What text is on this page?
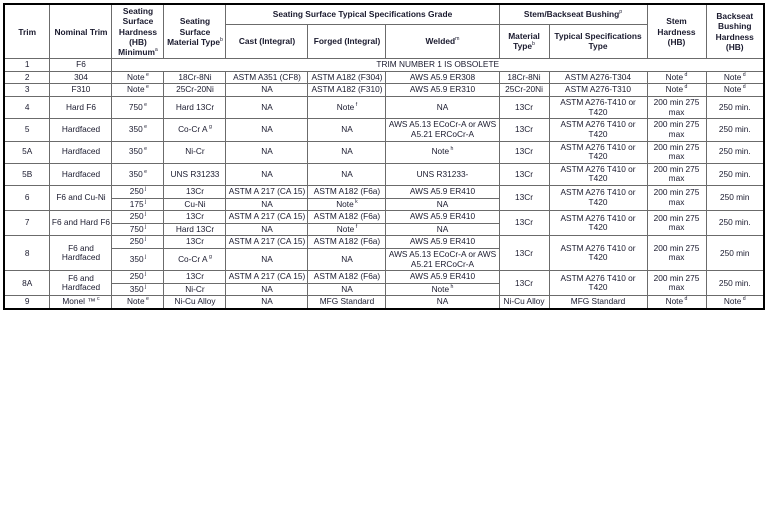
Trim	Nominal Trim	Seating Surface Hardness (HB) Minimum$^a$	Seating Surface Material Type$^b$	Seating Surface Typical Specifications Grade			Stem/Backseat Bushing$^p$		Stem Hardness (HB)	Backseat Bushing Hardness (HB)
				Cast (Integral)	Forged (Integral)	Welded$^m$	Material Type$^b$	Typical Specifications Type		
1	F6	TRIM NUMBER 1 IS OBSOLETE								
2	304	Note $^e$	18Cr-8Ni	ASTM A351 (CF8)	ASTM A182 (F304)	AWS A5.9 ER308	18Cr-8Ni	ASTM A276-T304	Note $^d$	Note $^d$
3	F310	Note $^e$	25Cr-20Ni	NA	ASTM A182 (F310)	AWS A5.9 ER310	25Cr-20Ni	ASTM A276-T310	Note $^d$	Note $^d$
4	Hard F6	750 $^e$	Hard 13Cr	NA	Note $^f$	NA	13Cr	ASTM A276-T410 or T420	200 min 275 max	250 min.
5	Hardfaced	350 $^e$	Co-Cr A $^g$	NA	NA	AWS A5.13 ECoCr-A or AWS A5.21 ERCoCr-A	13Cr	ASTM A276 T410 or T420	200 min 275 max	250 min.
5A	Hardfaced	350 $^e$	Ni-Cr	NA	NA	Note $^h$	13Cr	ASTM A276 T410 or T420	200 min 275 max	250 min.
5B	Hardfaced	350 $^e$	UNS R31233	NA	NA	UNS R31233-	13Cr	ASTM A276 T410 or T420	200 min 275 max	250 min.
6	F6 and Cu-Ni	250 $^j$	13Cr	ASTM A 217 (CA 15)	ASTM A182 (F6a)	AWS A5.9 ER410	13Cr	ASTM A276 T410 or T420	200 min 275 max	250 min
		175 $^j$	Cu-Ni	NA	Note $^k$	NA				
7	F6 and Hard F6	250 $^j$	13Cr	ASTM A 217 (CA 15)	ASTM A182 (F6a)	AWS A5.9 ER410	13Cr	ASTM A276 T410 or T420	200 min 275 max	250 min.
		750 $^j$	Hard 13Cr	NA	Note $^f$	NA				
8	F6 and Hardfaced	250 $^j$	13Cr	ASTM A 217 (CA 15)	ASTM A182 (F6a)	AWS A5.9 ER410	13Cr	ASTM A276 T410 or T420	200 min 275 max	250 min
		350 $^j$	Co-Cr A $^g$	NA	NA	AWS A5.13 ECoCr-A or AWS A5.21 ERCoCr-A				
8A	F6 and Hardfaced	250 $^j$	13Cr	ASTM A 217 (CA 15)	ASTM A182 (F6a)	AWS A5.9 ER410	13Cr	ASTM A276 T410 or T420	200 min 275 max	250 min.
		350 $^j$	Ni-Cr	NA	NA	Note $^h$
9	Monel ™ $^c$	Note $^e$	Ni-Cu Alloy	NA	MFG Standard	NA	Ni-Cu Alloy	MFG Standard	Note $^d$	Note $^d$
